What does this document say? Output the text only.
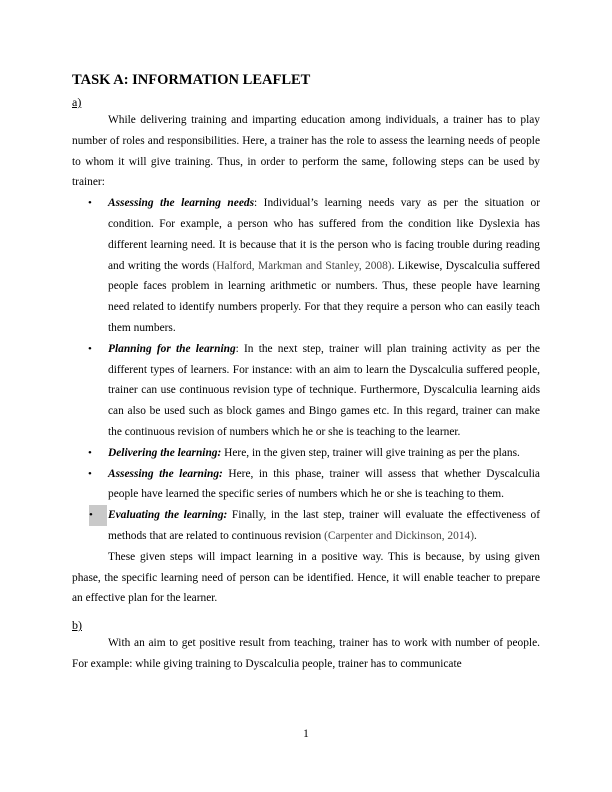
TASK A: INFORMATION LEAFLET
a)

While delivering training and imparting education among individuals, a trainer has to play number of roles and responsibilities. Here, a trainer has the role to assess the learning needs of people to whom it will give training. Thus, in order to perform the same, following steps can be used by trainer:

• Assessing the learning needs: Individual’s learning needs vary as per the situation or condition. For example, a person who has suffered from the condition like Dyslexia has different learning need. It is because that it is the person who is facing trouble during reading and writing the words (Halford, Markman and Stanley, 2008). Likewise, Dyscalculia suffered people faces problem in learning arithmetic or numbers. Thus, these people have learning need related to identify numbers properly. For that they require a person who can easily teach them numbers.
• Planning for the learning: In the next step, trainer will plan training activity as per the different types of learners. For instance: with an aim to learn the Dyscalculia suffered people, trainer can use continuous revision type of technique. Furthermore, Dyscalculia learning aids can also be used such as block games and Bingo games etc. In this regard, trainer can make the continuous revision of numbers which he or she is teaching to the learner.
• Delivering the learning: Here, in the given step, trainer will give training as per the plans.
• Assessing the learning: Here, in this phase, trainer will assess that whether Dyscalculia people have learned the specific series of numbers which he or she is teaching to them.
•	Evaluating the learning: Finally, in the last step, trainer will evaluate the effectiveness of methods that are related to continuous revision (Carpenter and Dickinson, 2014).

These given steps will impact learning in a positive way. This is because, by using given phase, the specific learning need of person can be identified. Hence, it will enable teacher to prepare an effective plan for the learner.

b)

With an aim to get positive result from teaching, trainer has to work with number of people. For example: while giving training to Dyscalculia people, trainer has to communicate

1
